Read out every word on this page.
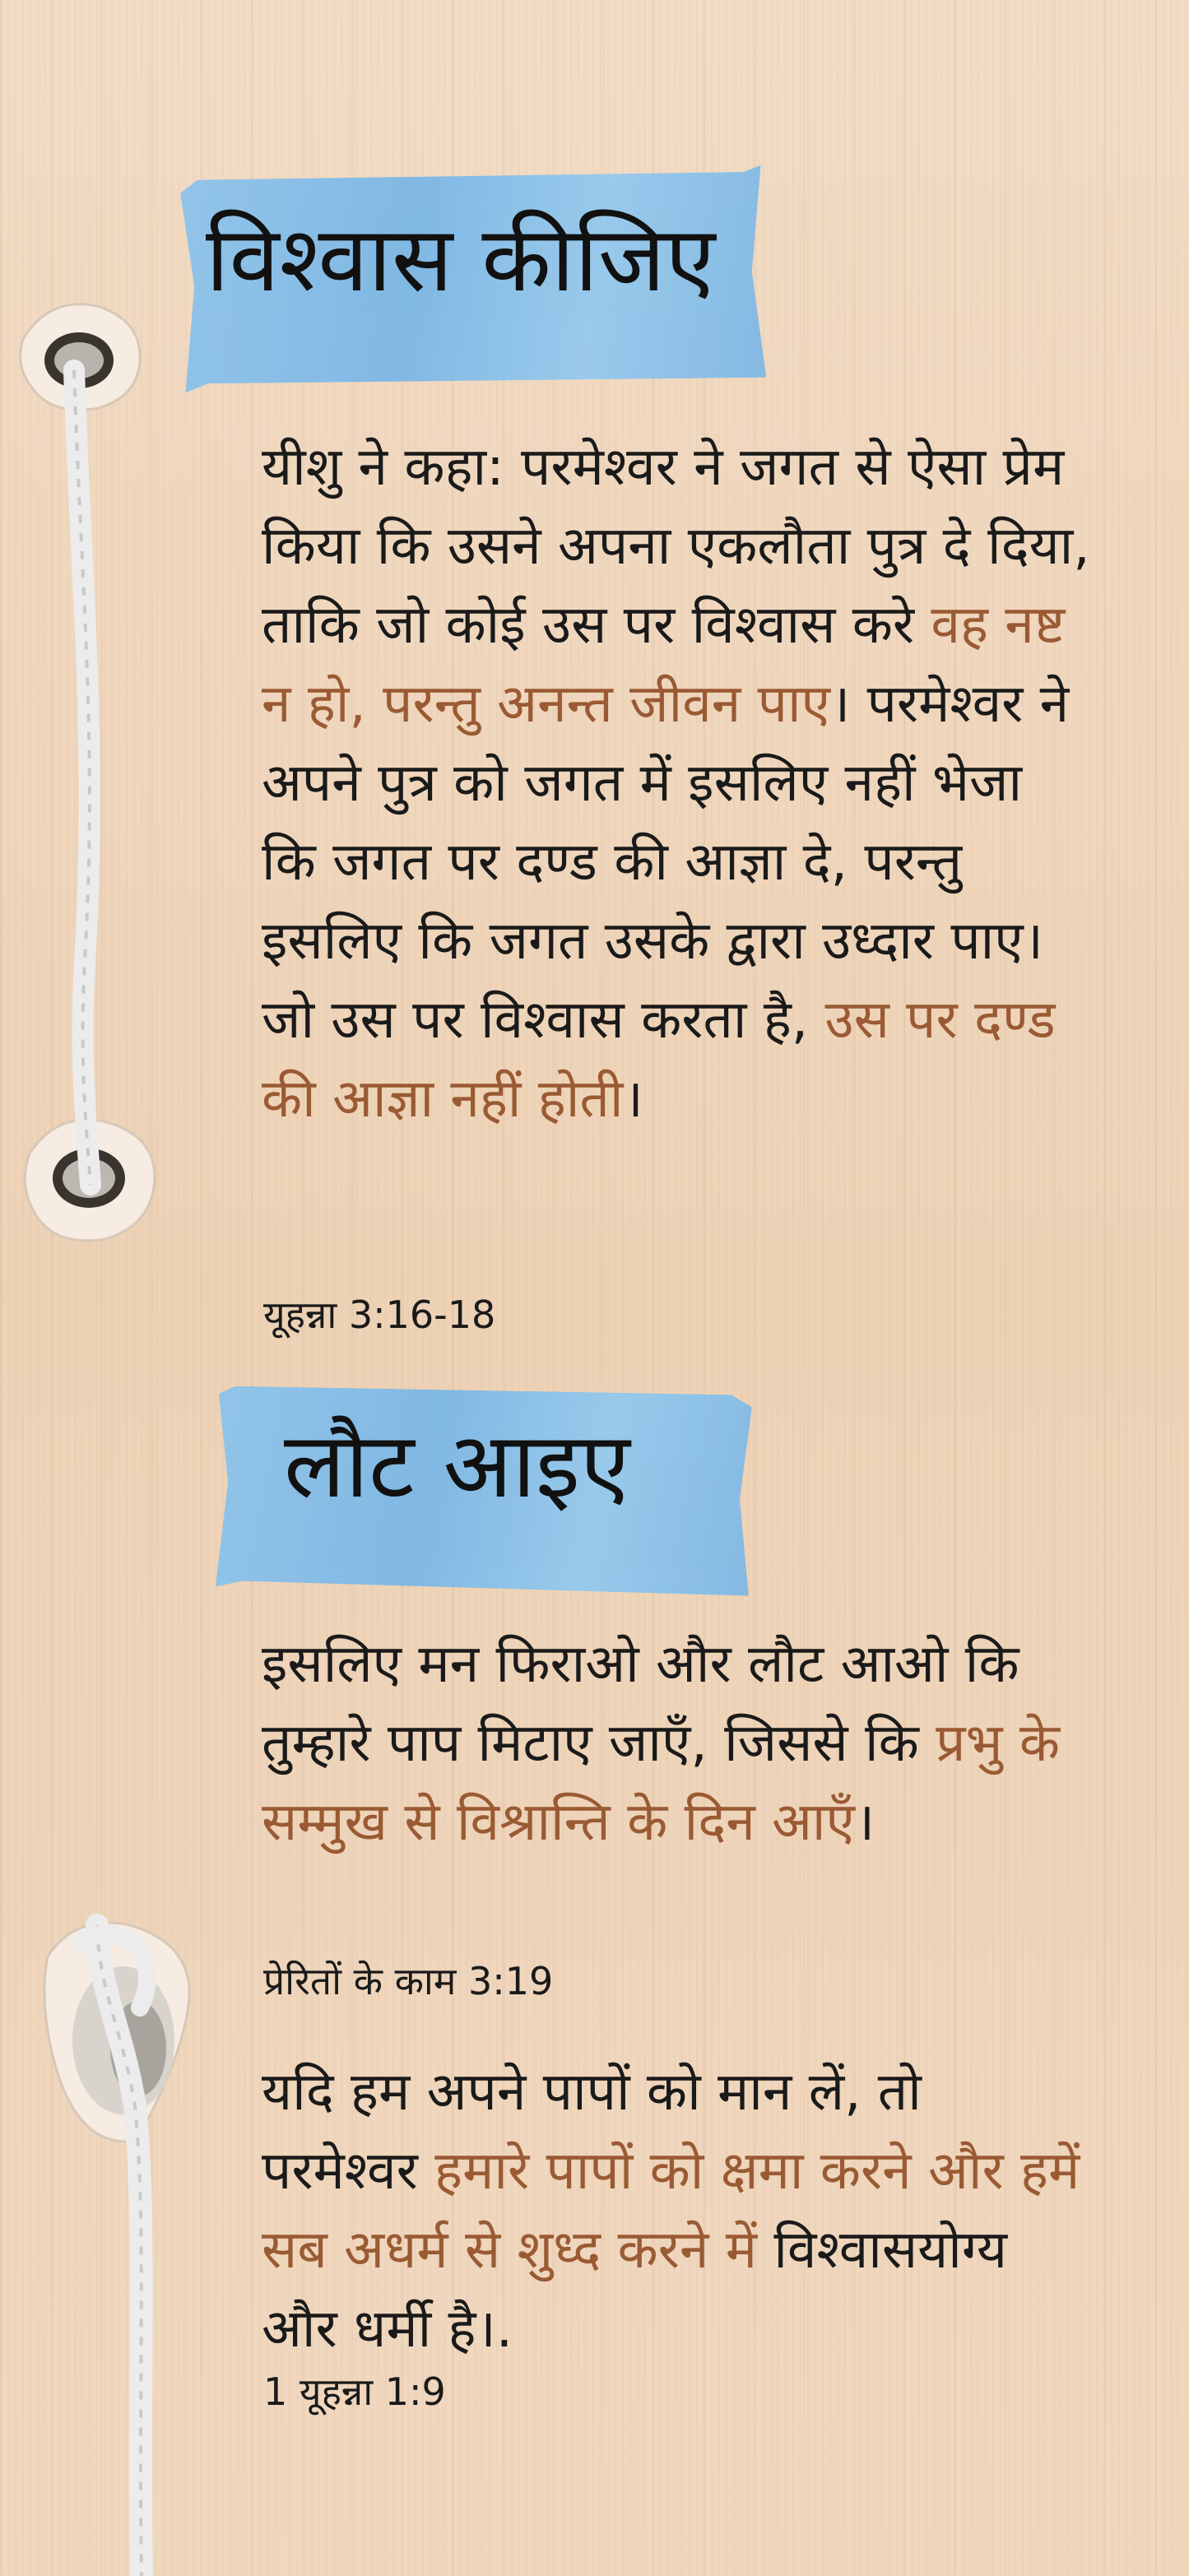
विश्वास कीजिए

यीशु ने कहा: परमेश्वर ने जगत से ऐसा प्रेम किया कि उसने अपना एकलौता पुत्र दे दिया, ताकि जो कोई उस पर विश्वास करे वह नष्ट न हो, परन्तु अनन्त जीवन पाए। परमेश्वर ने अपने पुत्र को जगत में इसलिए नहीं भेजा कि जगत पर दण्ड की आज्ञा दे, परन्तु इसलिए कि जगत उसके द्वारा उध्दार पाए। जो उस पर विश्वास करता है, उस पर दण्ड की आज्ञा नहीं होती।

यूहन्ना 3:16-18

लौट आइए

इसलिए मन फिराओ और लौट आओ कि तुम्हारे पाप मिटाए जाएँ, जिससे कि प्रभु के सम्मुख से विश्रान्ति के दिन आएँ।

प्रेरितों के काम 3:19

यदि हम अपने पापों को मान लें, तो परमेश्वर हमारे पापों को क्षमा करने और हमें सब अधर्म से शुध्द करने में विश्वासयोग्य और धर्मी है।.

1 यूहन्ना 1:9
